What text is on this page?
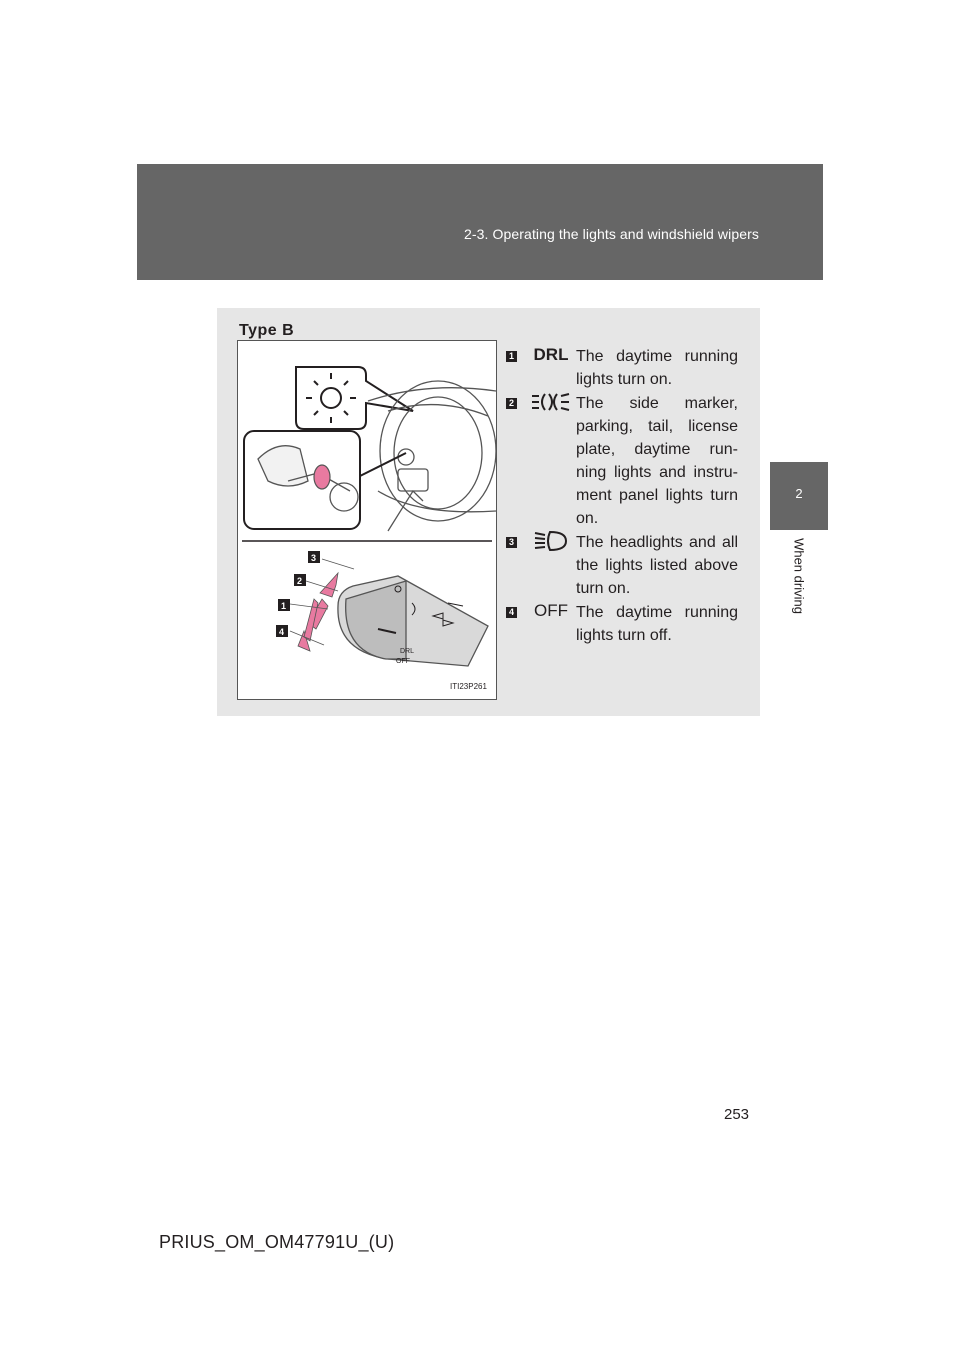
2-3. Operating the lights and windshield wipers
2
When driving
Type B
DRL
OFF
3
2
1
4
ITI23P261
1 DRL The daytime running lights turn on.
2	The side marker, parking, tail, license plate, daytime run-ning lights and instru-ment panel lights turn on.
3	The headlights and all the lights listed above turn on.
4 OFF The daytime running lights turn off.
253
PRIUS_OM_OM47791U_(U)
